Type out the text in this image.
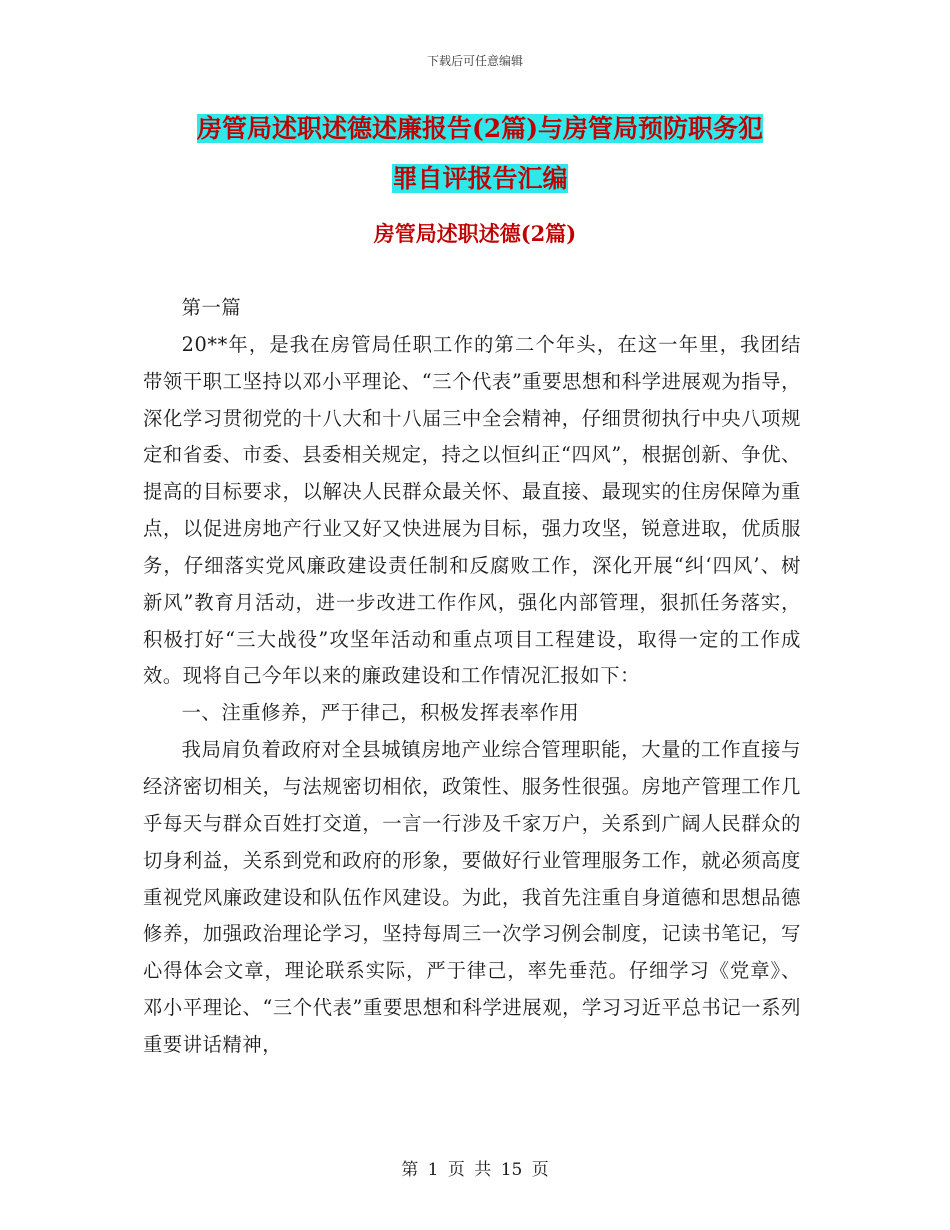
下载后可任意编辑
房管局述职述德述廉报告(2篇)与房管局预防职务犯
罪自评报告汇编
房管局述职述德(2篇)

第一篇

20**年，是我在房管局任职工作的第二个年头，在这一年里，我团结带领干职工坚持以邓小平理论、“三个代表”重要思想和科学进展观为指导，深化学习贯彻党的十八大和十八届三中全会精神，仔细贯彻执行中央八项规定和省委、市委、县委相关规定，持之以恒纠正“四风”，根据创新、争优、提高的目标要求，以解决人民群众最关怀、最直接、最现实的住房保障为重点，以促进房地产行业又好又快进展为目标，强力攻坚，锐意进取，优质服务，仔细落实党风廉政建设责任制和反腐败工作，深化开展“纠‘四风’、树新风”教育月活动，进一步改进工作作风，强化内部管理，狠抓任务落实，积极打好“三大战役”攻坚年活动和重点项目工程建设，取得一定的工作成效。现将自己今年以来的廉政建设和工作情况汇报如下：

一、注重修养，严于律己，积极发挥表率作用

我局肩负着政府对全县城镇房地产业综合管理职能，大量的工作直接与经济密切相关，与法规密切相依，政策性、服务性很强。房地产管理工作几乎每天与群众百姓打交道，一言一行涉及千家万户，关系到广阔人民群众的切身利益，关系到党和政府的形象，要做好行业管理服务工作，就必须高度重视党风廉政建设和队伍作风建设。为此，我首先注重自身道德和思想品德修养，加强政治理论学习，坚持每周三一次学习例会制度，记读书笔记，写心得体会文章，理论联系实际，严于律己，率先垂范。仔细学习《党章》、邓小平理论、“三个代表”重要思想和科学进展观，学习习近平总书记一系列重要讲话精神，

第 1 页 共 15 页
